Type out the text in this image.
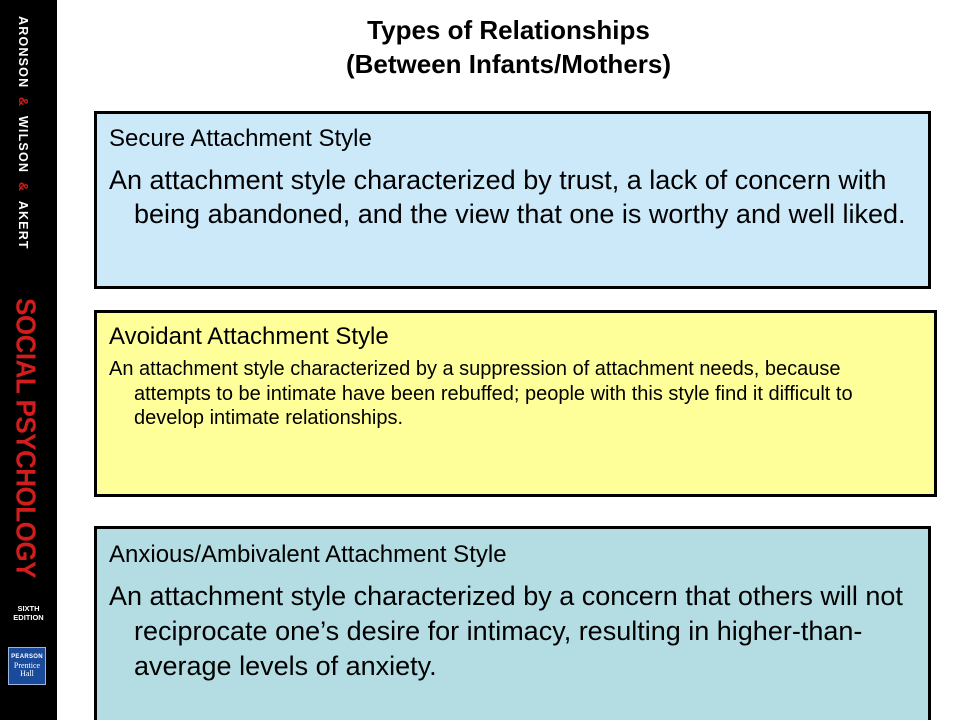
ARONSON & WILSON & AKERT
SOCIAL PSYCHOLOGY
SIXTH
EDITION
PEARSON
Prentice
Hall
Types of Relationships
(Between Infants/Mothers)
Secure Attachment Style
An attachment style characterized by trust, a lack of concern with being abandoned, and the view that one is worthy and well liked.
Avoidant Attachment Style
An attachment style characterized by a suppression of attachment needs, because attempts to be intimate have been rebuffed; people with this style find it difficult to develop intimate relationships.
Anxious/Ambivalent Attachment Style
An attachment style characterized by a concern that others will not reciprocate one’s desire for intimacy, resulting in higher-than-average levels of anxiety.
